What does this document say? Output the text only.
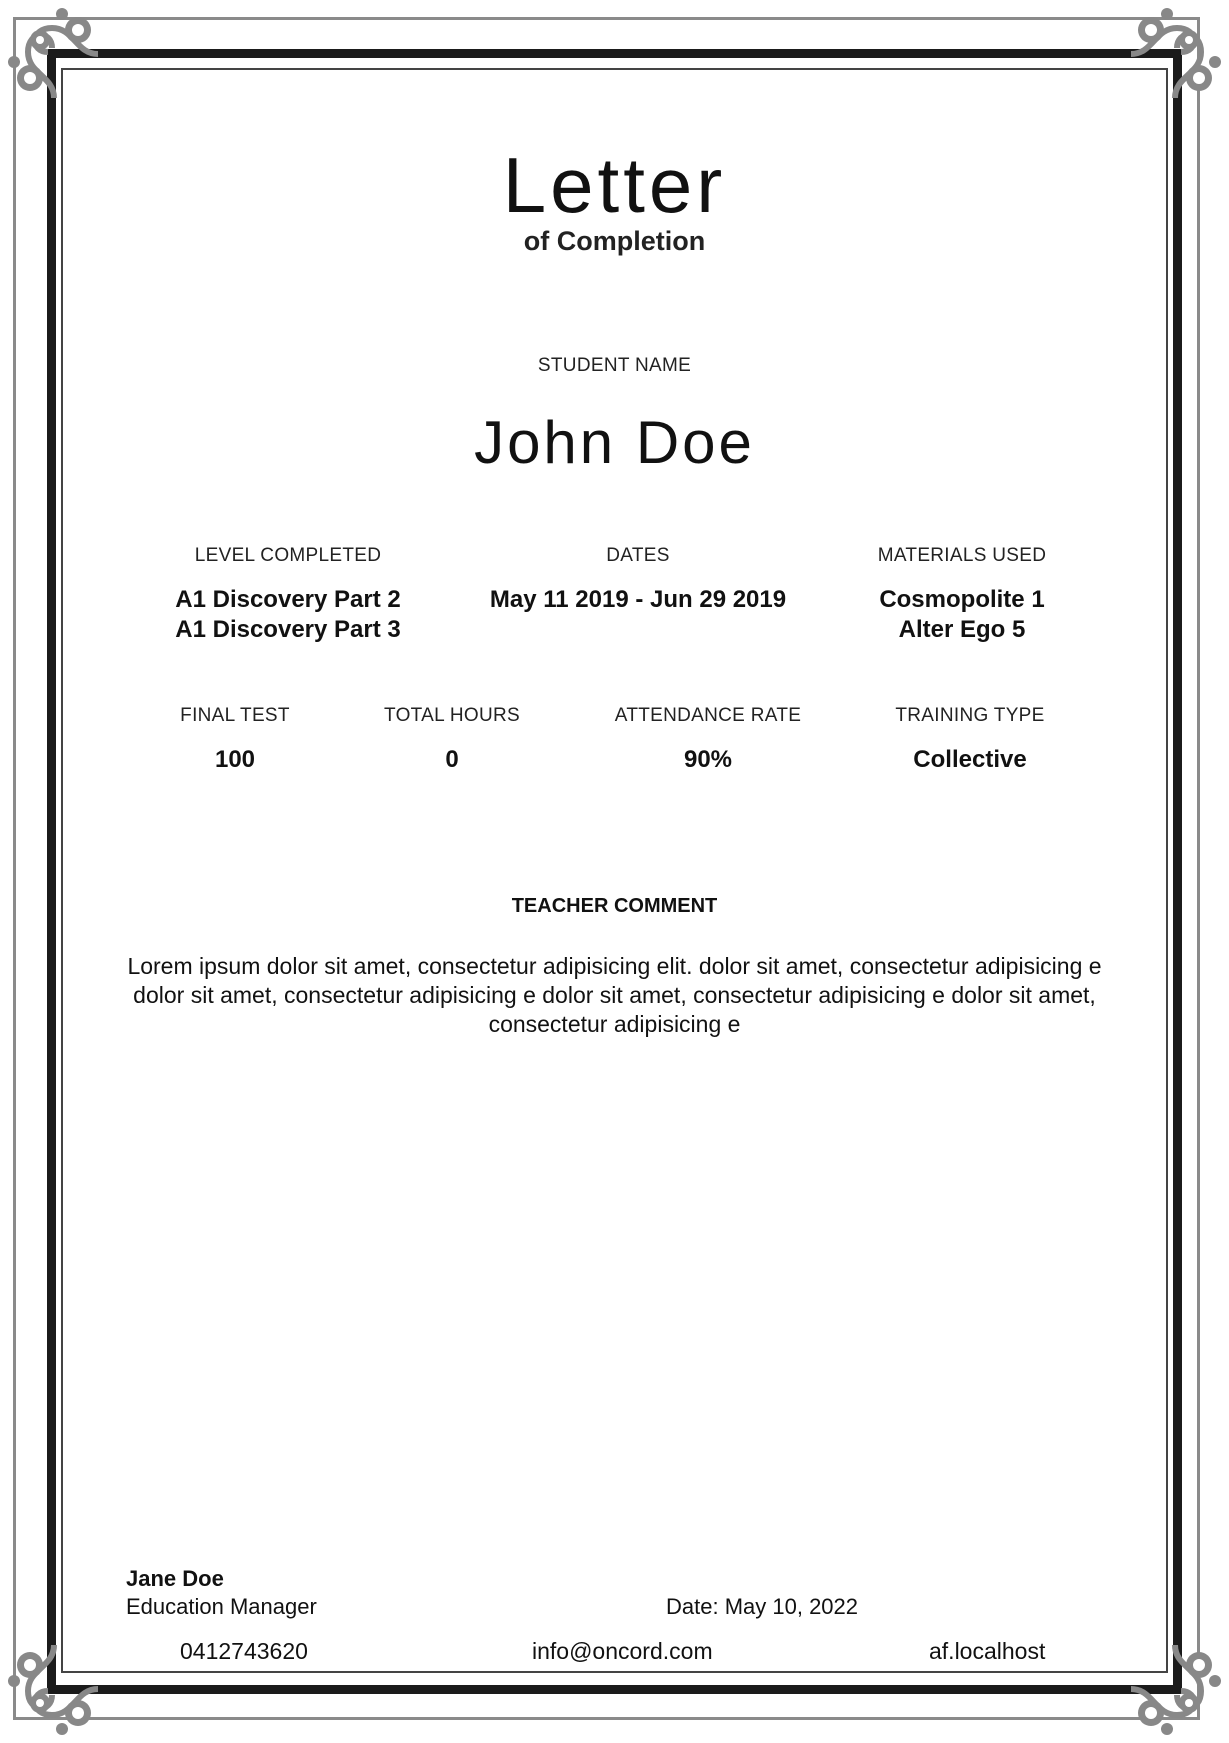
Letter
of Completion
STUDENT NAME
John Doe
LEVEL COMPLETED
A1 Discovery Part 2
A1 Discovery Part 3
DATES
May 11 2019 - Jun 29 2019
MATERIALS USED
Cosmopolite 1
Alter Ego 5
FINAL TEST
100
TOTAL HOURS
0
ATTENDANCE RATE
90%
TRAINING TYPE
Collective
TEACHER COMMENT
Lorem ipsum dolor sit amet, consectetur adipisicing elit. dolor sit amet, consectetur adipisicing e dolor sit amet, consectetur adipisicing e dolor sit amet, consectetur adipisicing e dolor sit amet, consectetur adipisicing e
Jane Doe
Education Manager	Date: May 10, 2022
0412743620	info@oncord.com	af.localhost
